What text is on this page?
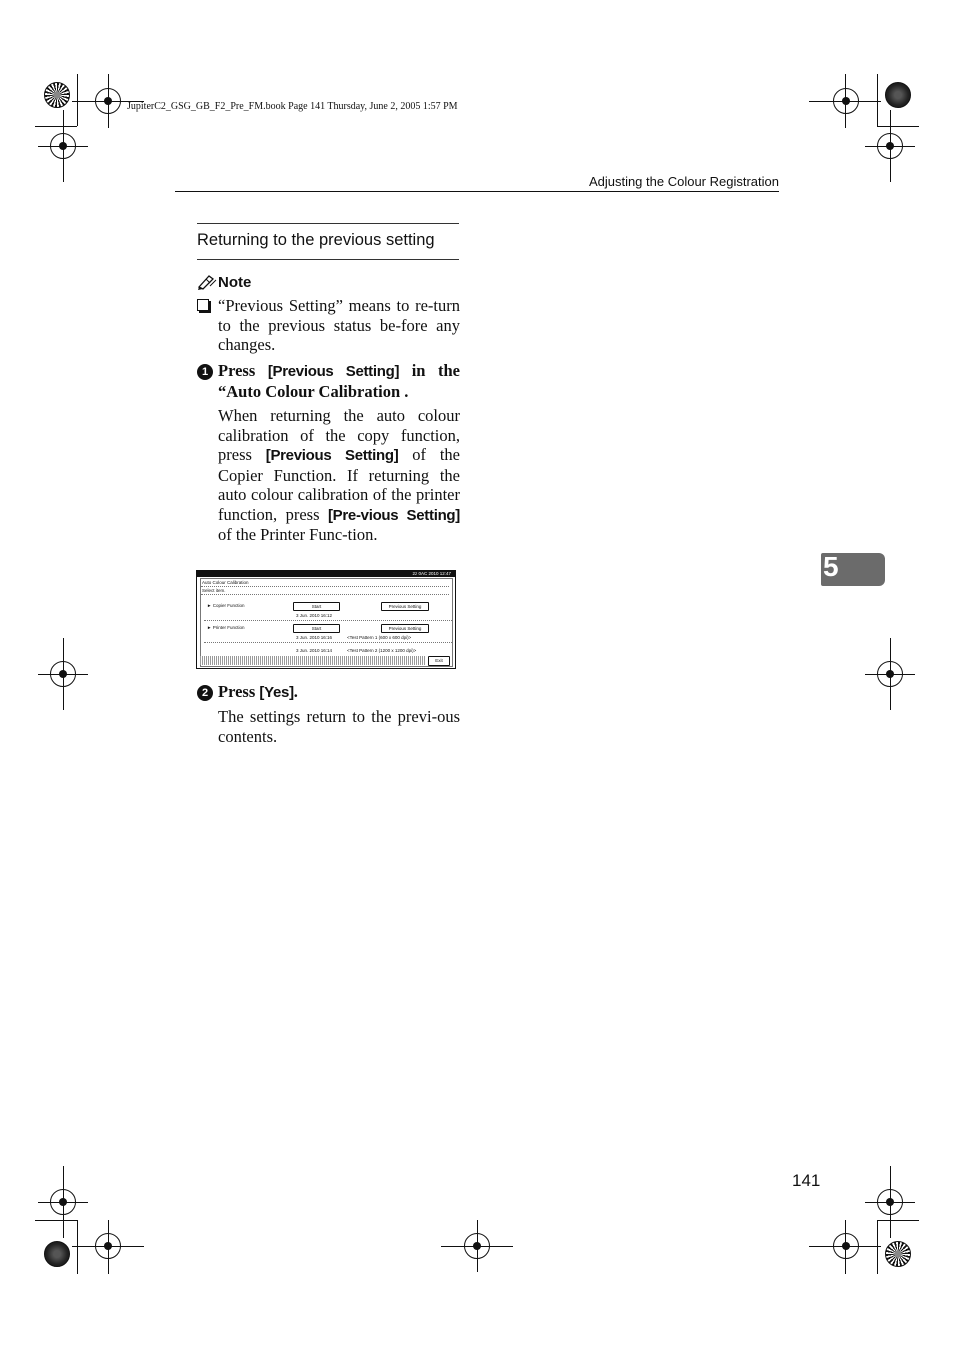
JupiterC2_GSG_GB_F2_Pre_FM.book Page 141 Thursday, June 2, 2005 1:57 PM
Adjusting the Colour Registration
Returning to the previous setting
Note
“Previous Setting” means to re-turn to the previous status be-fore any changes.
1 Press [Previous Setting] in the “Auto Colour Calibration .
When returning the auto colour calibration of the copy function, press [Previous Setting] of the Copier Function. If returning the auto colour calibration of the printer function, press [Pre-vious Setting] of the Printer Func-tion.
2z 0AC 2010 12:47
Auto Colour Calibration
Select item.
► Copier Function	Start	Previous Setting
3 Jun. 2010 16:12
► Printer Function	Start	Previous Setting
3 Jun. 2010 16:16	<Test Pattern 1 (600 x 600 dpi)>
3 Jun. 2010 16:14	<Test Pattern 2 (1200 x 1200 dpi)>
Exit
2 Press [Yes].
The settings return to the previ-ous contents.
5
141
